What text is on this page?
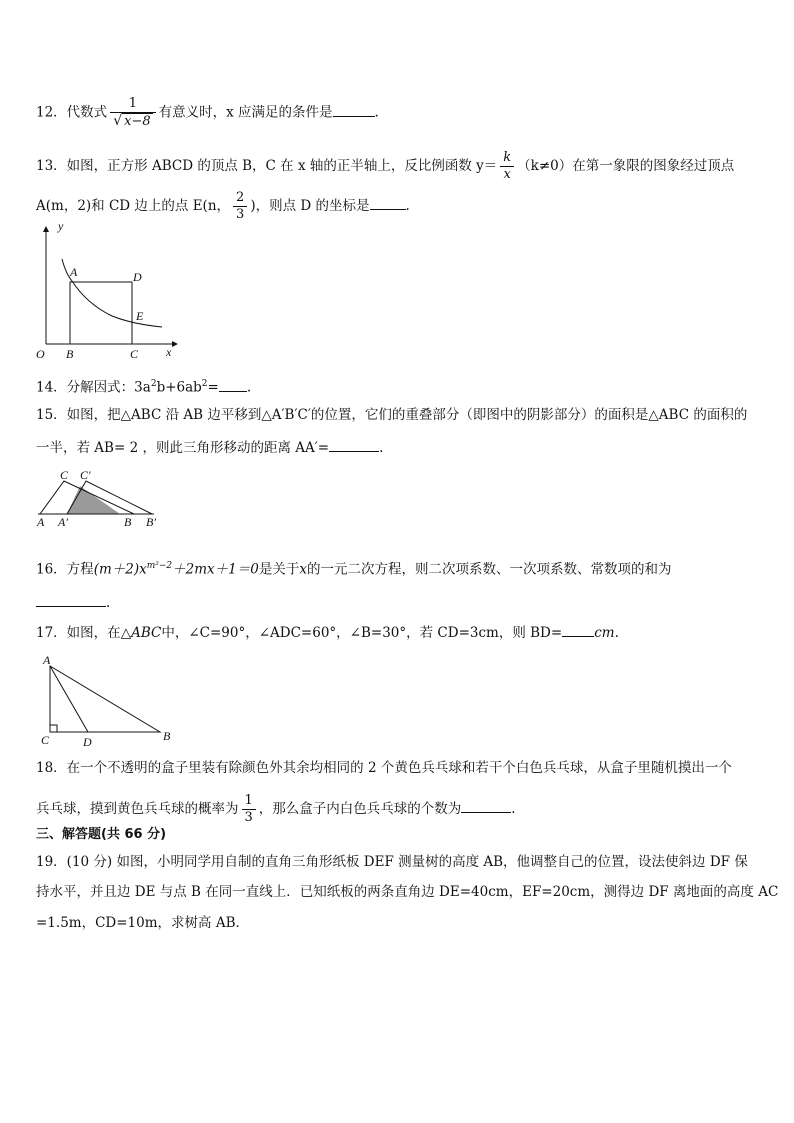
12．代数式 $\frac{1}{√ x-8}$ 有意义时，x 应满足的条件是	.
13．如图，正方形 ABCD 的顶点 B，C 在 x 轴的正半轴上，反比例函数 $y= \frac{k}{x} (k\ne 0)$在第一象限的图象经过顶点
A(m，2)和 CD 边上的点 E(n， $\frac{2}{3}$ )，则点 D 的坐标是	.
y
x
O B	C
A	D
E
14．分解因式：$3a^2b+6ab^2=$ .
15．如图，把△ABC 沿 AB 边平移到△A′B′C′的位置，它们的重叠部分（即图中的阴影部分）的面积是△ABC 的面积的
一半，若 AB= 2 ，则此三角形移动的距离 AA′=	.
A A′	B B′
C C′
16．方程$(m+2)x^{m^2-2}+2mx+1=0$是关于x的一元二次方程，则二次项系数、一次项系数、常数项的和为
.
17．如图，在△ABC中，∠C=90°，∠ADC=60°，∠B=30°，若 CD=3cm，则 BD= cm.
A
C	D	B
18．在一个不透明的盒子里装有除颜色外其余均相同的 2 个黄色兵乓球和若干个白色兵乓球，从盒子里随机摸出一个
兵乓球，摸到黄色兵乓球的概率为 $\frac{1}{3}$ ，那么盒子内白色兵乓球的个数为	.
三、解答题(共 66 分)
19．(10 分) 如图，小明同学用自制的直角三角形纸板 DEF 测量树的高度 AB，他调整自己的位置，设法使斜边 DF 保
持水平，并且边 DE 与点 B 在同一直线上．已知纸板的两条直角边 DE=40cm，EF=20cm，测得边 DF 离地面的高度 AC
=1.5m，CD=10m，求树高 AB．
